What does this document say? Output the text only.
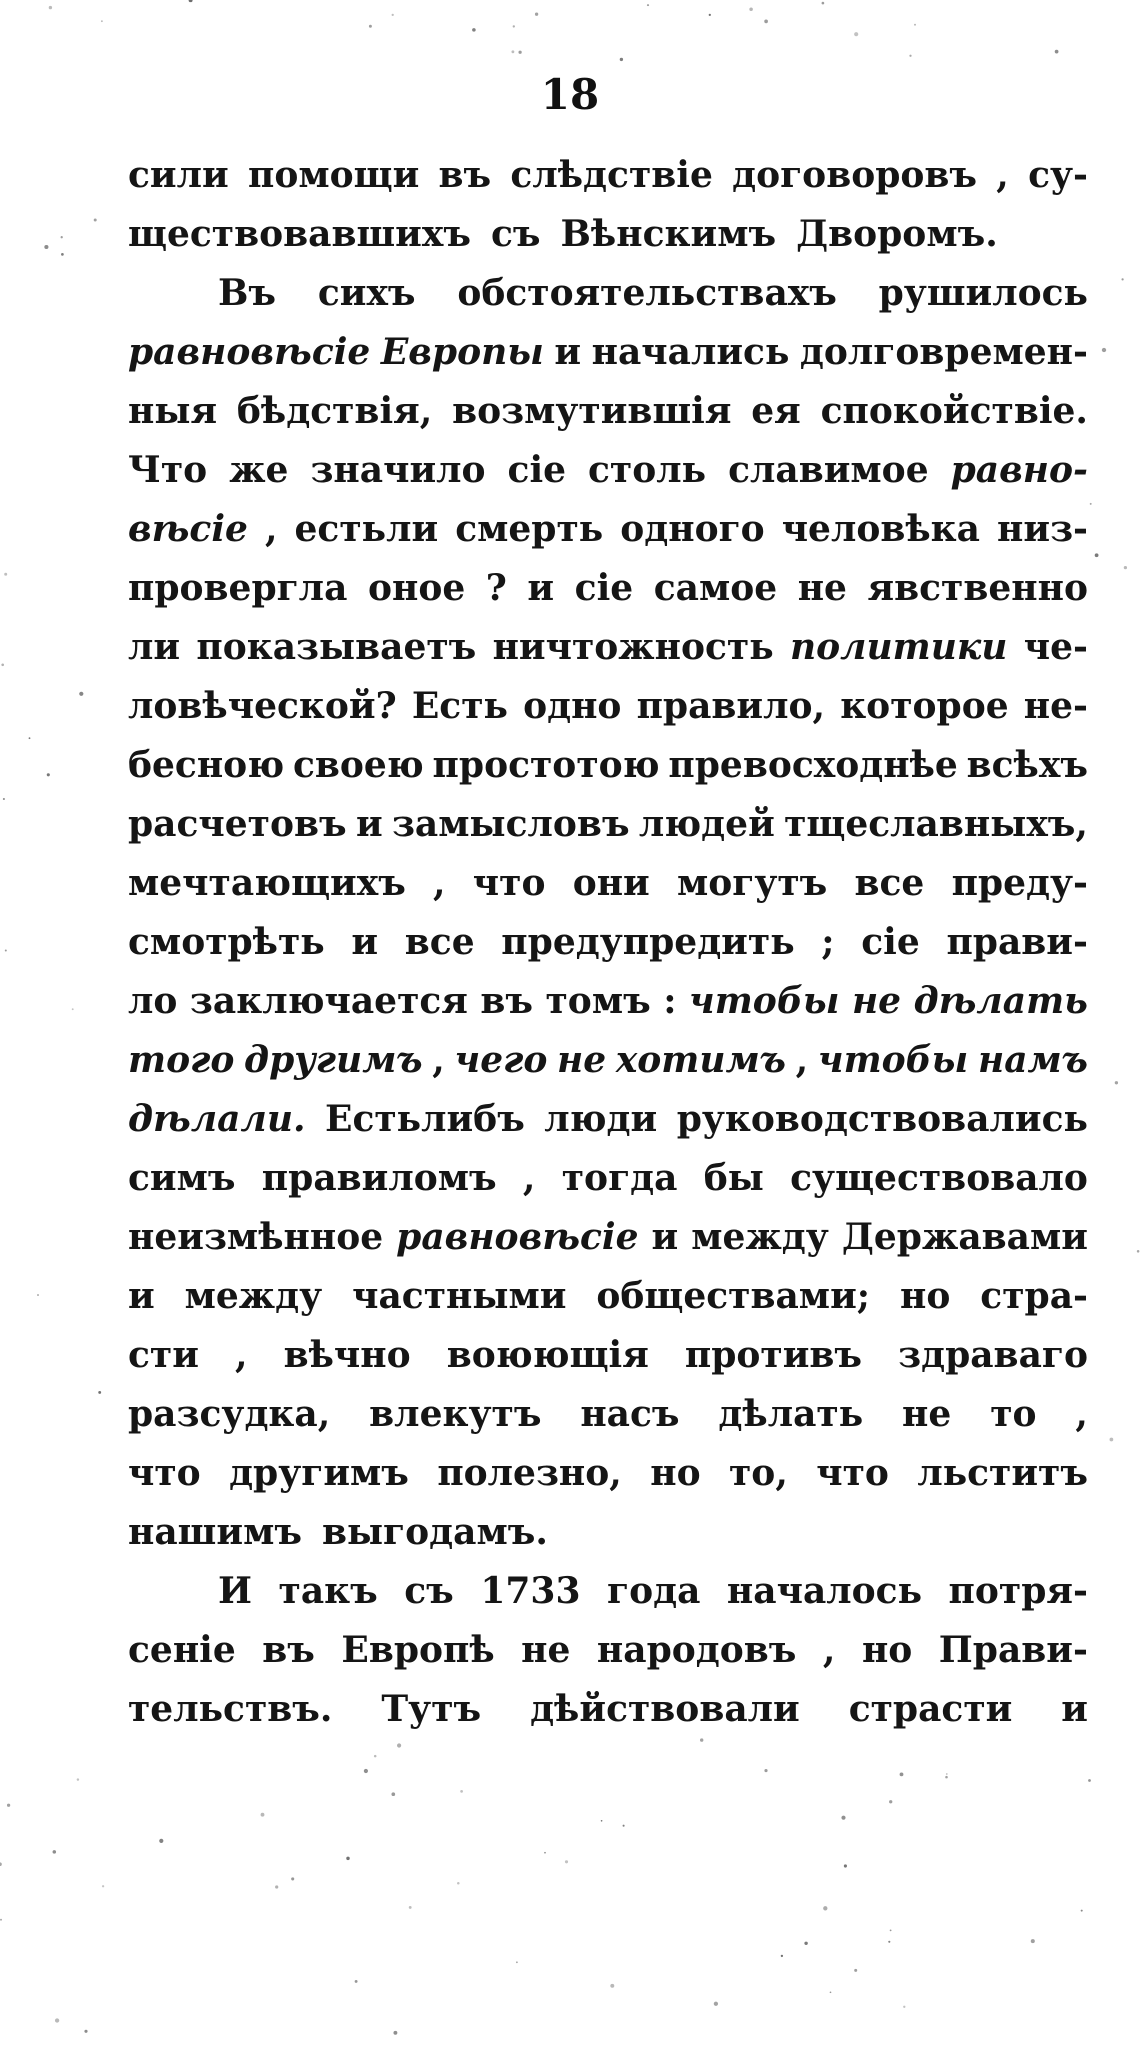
18
сили помощи въ слѣдствіе договоровъ , су-
ществовавшихъ съ Вѣнскимъ Дворомъ.
Въ сихъ обстоятельствахъ рушилось
равновѣсіе Европы и начались долговремен-
ныя бѣдствія, возмутившія ея спокойствіе.
Что же значило сіе столь славимое равно-
вѣсіе , естьли смерть одного человѣка низ-
провергла оное ? и сіе самое не явственно
ли показываетъ ничтожность политики че-
ловѣческой? Есть одно правило, которое не-
бесною своею простотою превосходнѣе всѣхъ
расчетовъ и замысловъ людей тщеславныхъ,
мечтающихъ , что они могутъ все преду-
смотрѣть и все предупредить ; сіе прави-
ло заключается въ томъ : чтобы не дѣлать
того другимъ , чего не хотимъ , чтобы намъ
дѣлали. Естьлибъ люди руководствовались
симъ правиломъ , тогда бы существовало
неизмѣнное равновѣсіе и между Державами
и между частными обществами; но стра-
сти , вѣчно воюющія противъ здраваго
разсудка, влекутъ насъ дѣлать не то ,
что другимъ полезно, но то, что льститъ
нашимъ выгодамъ.
И такъ съ 1733 года началось потря-
сеніе въ Европѣ не народовъ , но Прави-
тельствъ. Тутъ дѣйствовали страсти и
